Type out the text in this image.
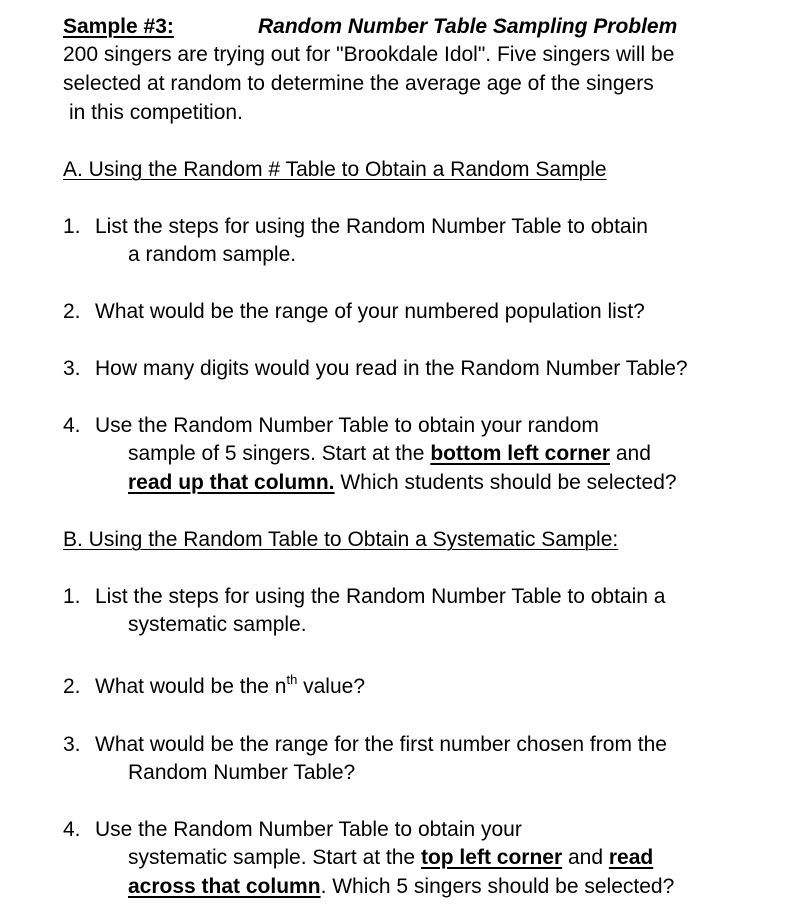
Sample #3:	Random Number Table Sampling Problem
200 singers are trying out for "Brookdale Idol". Five singers will be
selected at random to determine the average age of the singers
in this competition.
A. Using the Random # Table to Obtain a Random Sample
1. List the steps for using the Random Number Table to obtain
a random sample.
2. What would be the range of your numbered population list?
3. How many digits would you read in the Random Number Table?
4. Use the Random Number Table to obtain your random
sample of 5 singers. Start at the bottom left corner and
read up that column. Which students should be selected?
B. Using the Random Table to Obtain a Systematic Sample:
1. List the steps for using the Random Number Table to obtain a
systematic sample.
2. What would be the $n^{th}$ value?
3. What would be the range for the first number chosen from the
Random Number Table?
4. Use the Random Number Table to obtain your
systematic sample. Start at the top left corner and read
across that column. Which 5 singers should be selected?
